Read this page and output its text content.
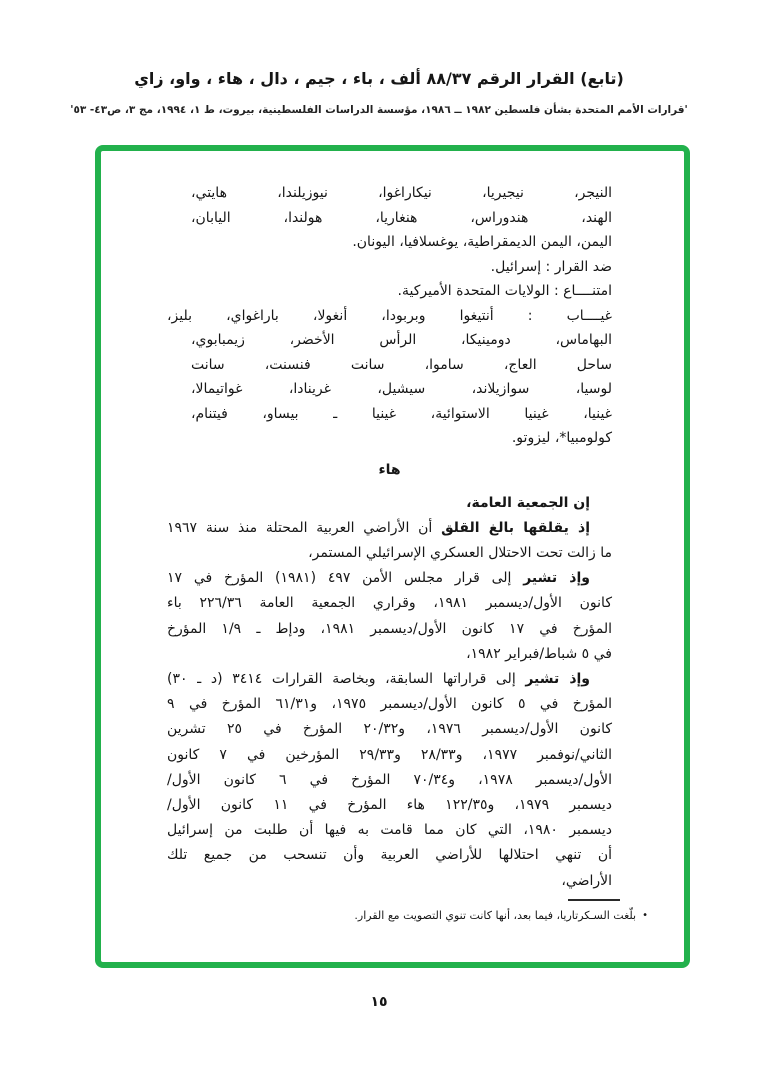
(تابع) القرار الرقم ٨٨/٣٧ ألف ، باء ، جيم ، دال ، هاء ، واو، زاي
'قرارات الأمم المتحدة بشأن فلسطين ١٩٨٢ ــ ١٩٨٦، مؤسسة الدراسات الفلسطينية، بيروت، ط ١، ١٩٩٤، مج ٣، ص٤٣- ٥٣'
النيجر، نيجيريا، نيكاراغوا، نيوزيلندا، هايتي،
الهند، هندوراس، هنغاريا، هولندا، اليابان،
اليمن، اليمن الديمقراطية، يوغسلافيا، اليونان.
ضد القرار : إسرائيل.
امتنــــاع : الولايات المتحدة الأميركية.
غيــــاب : أنتيغوا وبربودا، أنغولا، باراغواي، بليز،
البهاماس، دومينيكا، الرأس الأخضر، زيمبابوي،
ساحل العاج، ساموا، سانت فنسنت، سانت
لوسيا، سوازيلاند، سيشيل، غرينادا، غواتيمالا،
غينيا، غينيا الاستوائية، غينيا ـ بيساو، فيتنام،
كولومبيا*، ليزوتو.
هاء
إن الجمعية العامة،
إذ يقلقها بالغ القلق أن الأراضي العربية المحتلة منذ سنة ١٩٦٧
ما زالت تحت الاحتلال العسكري الإسرائيلي المستمر،
وإذ تشير إلى قرار مجلس الأمن ٤٩٧ (١٩٨١) المؤرخ في ١٧
كانون الأول/ديسمبر ١٩٨١، وقراري الجمعية العامة ٢٢٦/٣٦ باء
المؤرخ في ١٧ كانون الأول/ديسمبر ١٩٨١، ودإط ـ ١/٩ المؤرخ
في ٥ شباط/فبراير ١٩٨٢،
وإذ تشير إلى قراراتها السابقة، وبخاصة القرارات ٣٤١٤ (د ـ ٣٠)
المؤرخ في ٥ كانون الأول/ديسمبر ١٩٧٥، و٦١/٣١ المؤرخ في ٩
كانون الأول/ديسمبر ١٩٧٦، و٢٠/٣٢ المؤرخ في ٢٥ تشرين
الثاني/نوفمبر ١٩٧٧، و٢٨/٣٣ و٢٩/٣٣ المؤرخين في ٧ كانون
الأول/ديسمبر ١٩٧٨، و٧٠/٣٤ المؤرخ في ٦ كانون الأول/
ديسمبر ١٩٧٩، و١٢٢/٣٥ هاء المؤرخ في ١١ كانون الأول/
ديسمبر ١٩٨٠، التي كان مما قامت به فيها أن طلبت من إسرائيل
أن تنهي احتلالها للأراضي العربية وأن تنسحب من جميع تلك
الأراضي،
•بلّغت السـكرتاريا، فيما بعد، أنها كانت تنوي التصويت مع القرار.
١٥
